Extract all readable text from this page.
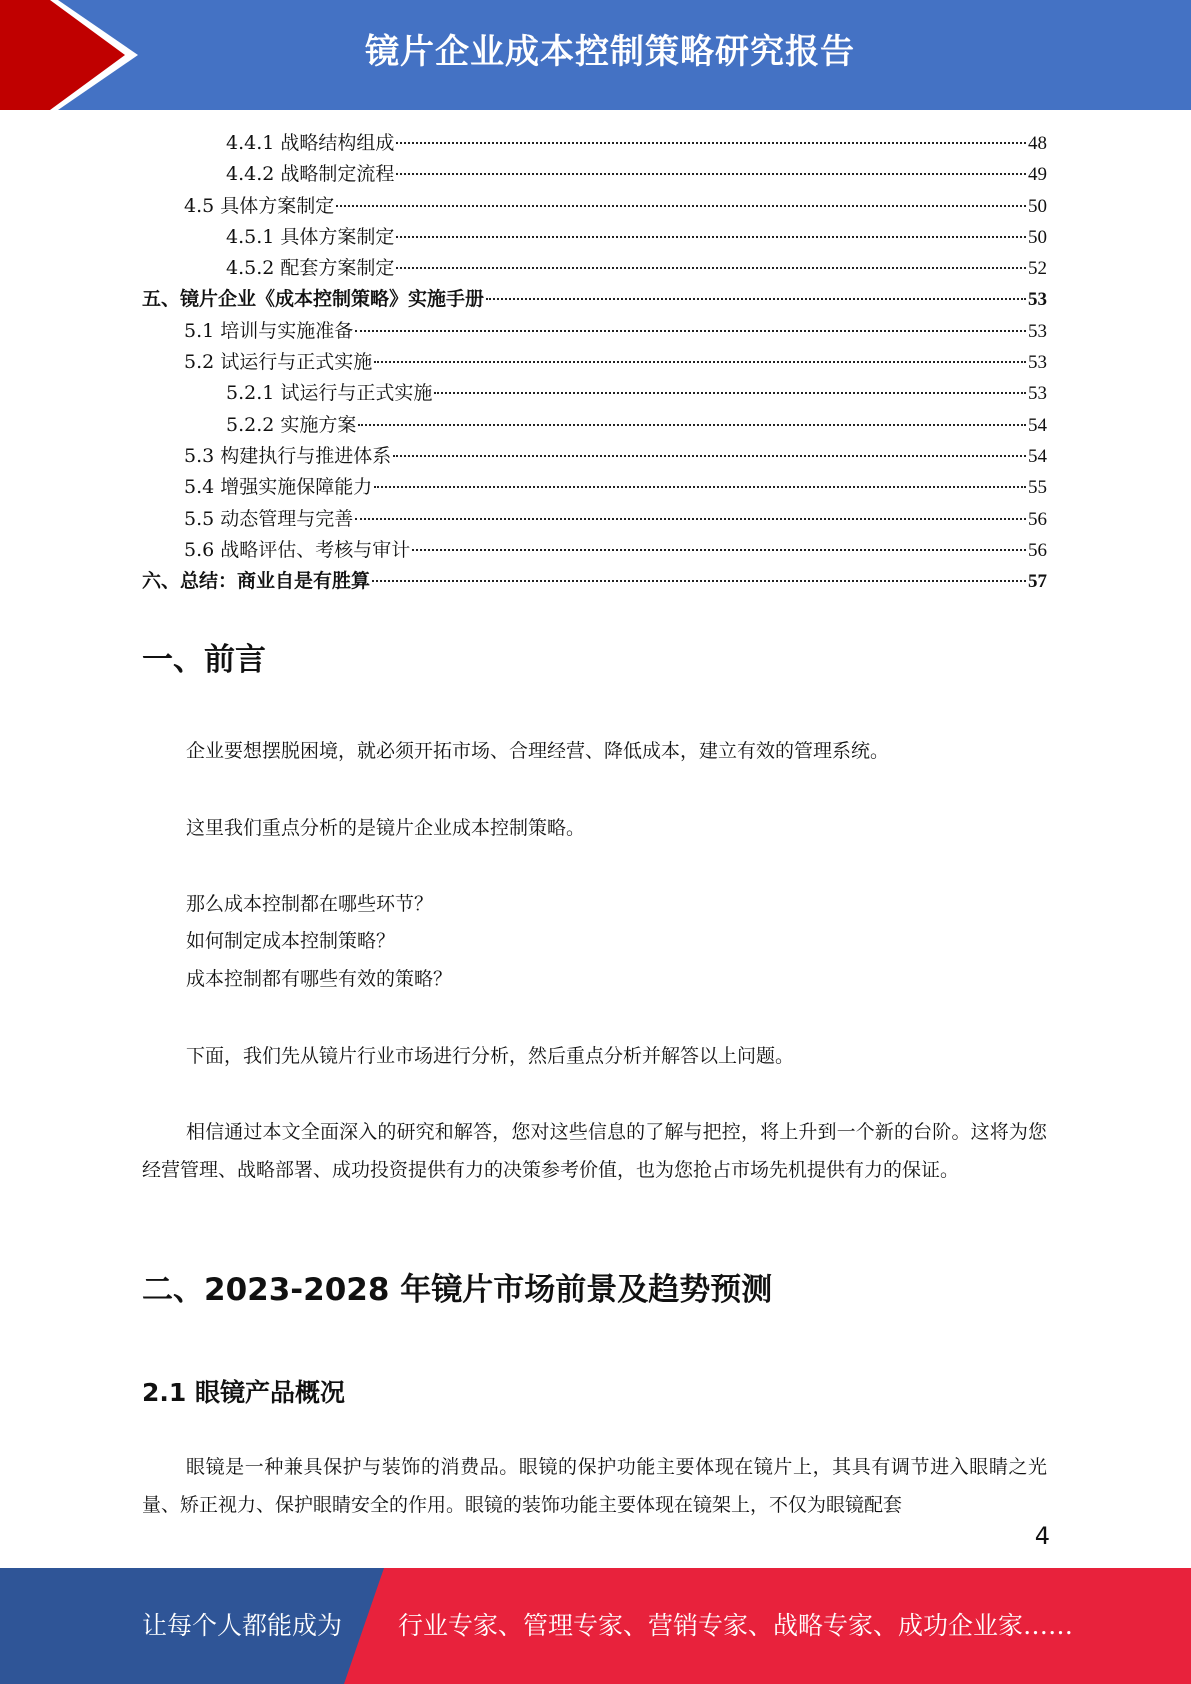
镜片企业成本控制策略研究报告
4.4.1 战略结构组成	48
4.4.2 战略制定流程	49
4.5 具体方案制定	50
4.5.1 具体方案制定	50
4.5.2 配套方案制定	52
五、镜片企业《成本控制策略》实施手册	53
5.1 培训与实施准备	53
5.2 试运行与正式实施	53
5.2.1 试运行与正式实施	53
5.2.2 实施方案	54
5.3 构建执行与推进体系	54
5.4 增强实施保障能力	55
5.5 动态管理与完善	56
5.6 战略评估、考核与审计	56
六、总结：商业自是有胜算	57
一、前言
企业要想摆脱困境，就必须开拓市场、合理经营、降低成本，建立有效的管理系统。
这里我们重点分析的是镜片企业成本控制策略。
那么成本控制都在哪些环节？
如何制定成本控制策略？
成本控制都有哪些有效的策略？
下面，我们先从镜片行业市场进行分析，然后重点分析并解答以上问题。
相信通过本文全面深入的研究和解答，您对这些信息的了解与把控，将上升到一个新的台阶。这将为您经营管理、战略部署、成功投资提供有力的决策参考价值，也为您抢占市场先机提供有力的保证。
二、2023-2028 年镜片市场前景及趋势预测
2.1 眼镜产品概况
眼镜是一种兼具保护与装饰的消费品。眼镜的保护功能主要体现在镜片上，其具有调节进入眼睛之光量、矫正视力、保护眼睛安全的作用。眼镜的装饰功能主要体现在镜架上，不仅为眼镜配套
4
让每个人都能成为 行业专家、管理专家、营销专家、战略专家、成功企业家……
